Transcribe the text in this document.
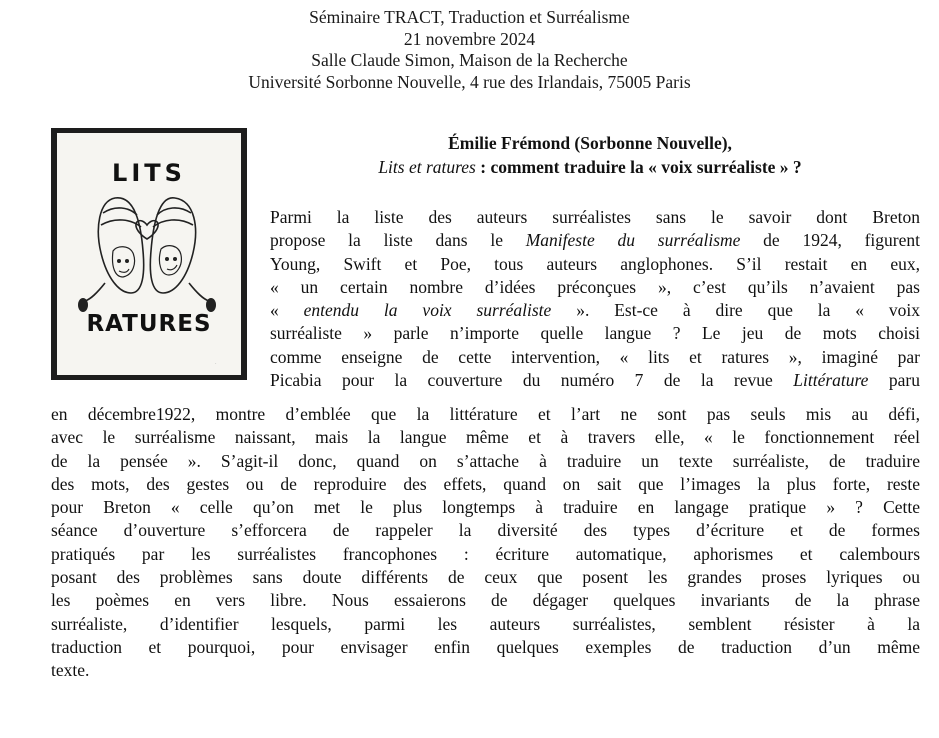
Séminaire TRACT, Traduction et Surréalisme
21 novembre 2024
Salle Claude Simon, Maison de la Recherche
Université Sorbonne Nouvelle, 4 rue des Irlandais, 75005 Paris
·
LITS
RATURES
Émilie Frémond (Sorbonne Nouvelle),
Lits et ratures : comment traduire la « voix surréaliste » ?
Parmi la liste des auteurs surréalistes sans le savoir dont Breton
propose la liste dans le Manifeste du surréalisme de 1924, figurent
Young, Swift et Poe, tous auteurs anglophones. S’il restait en eux,
« un certain nombre d’idées préconçues », c’est qu’ils n’avaient pas
« entendu la voix surréaliste ». Est-ce à dire que la « voix
surréaliste » parle n’importe quelle langue ? Le jeu de mots choisi
comme enseigne de cette intervention, « lits et ratures », imaginé par
Picabia pour la couverture du numéro 7 de la revue Littérature paru
en décembre1922, montre d’emblée que la littérature et l’art ne sont pas seuls mis au défi,
avec le surréalisme naissant, mais la langue même et à travers elle, « le fonctionnement réel
de la pensée ». S’agit-il donc, quand on s’attache à traduire un texte surréaliste, de traduire
des mots, des gestes ou de reproduire des effets, quand on sait que l’images la plus forte, reste
pour Breton « celle qu’on met le plus longtemps à traduire en langage pratique » ? Cette
séance d’ouverture s’efforcera de rappeler la diversité des types d’écriture et de formes
pratiqués par les surréalistes francophones : écriture automatique, aphorismes et calembours
posant des problèmes sans doute différents de ceux que posent les grandes proses lyriques ou
les poèmes en vers libre. Nous essaierons de dégager quelques invariants de la phrase
surréaliste, d’identifier lesquels, parmi les auteurs surréalistes, semblent résister à la
traduction et pourquoi, pour envisager enfin quelques exemples de traduction d’un même
texte.
